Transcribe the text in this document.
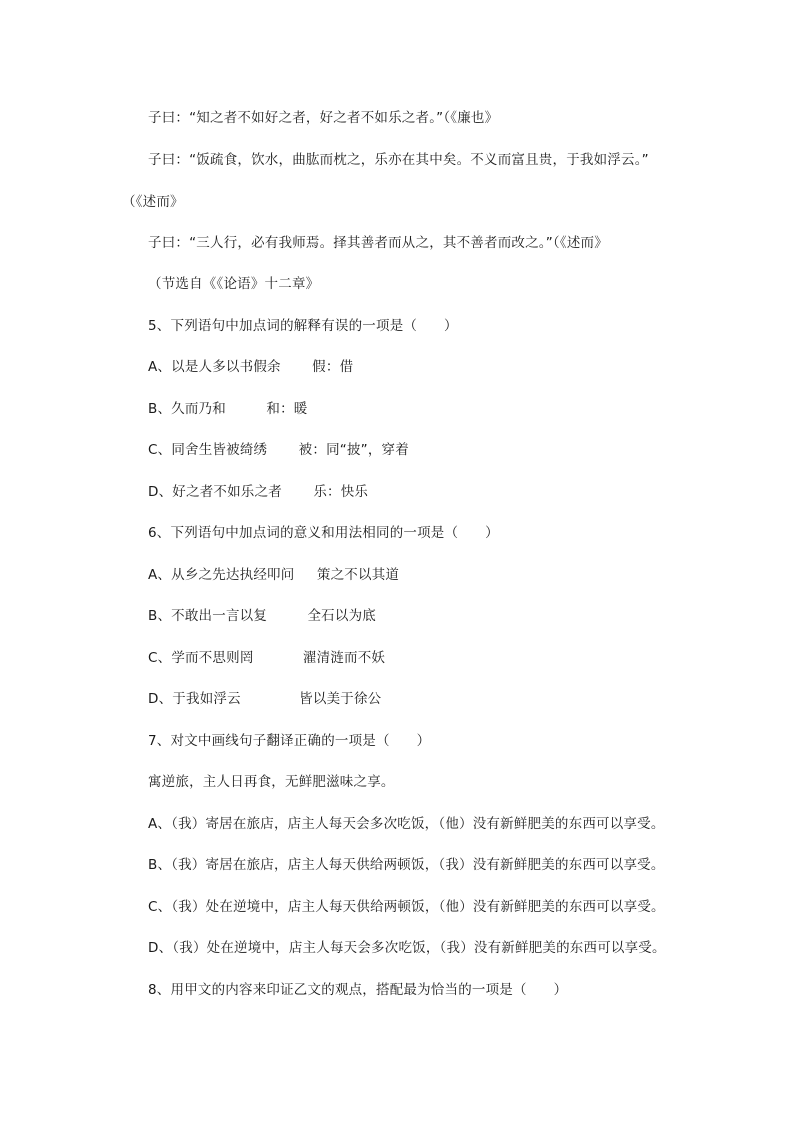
子曰：“知之者不如好之者，好之者不如乐之者。”（《廉也》
子曰：“饭疏食，饮水，曲肱而枕之，乐亦在其中矣。不义而富且贵，于我如浮云。”
（《述而》
子曰：“三人行，必有我师焉。择其善者而从之，其不善者而改之。”（《述而》
（节选自《《论语》十二章》
5、下列语句中加点词的解释有误的一项是（      ）
A、以是人多以书假余       假：借
B、久而乃和         和：暖
C、同舍生皆被绮绣       被：同“披”，穿着
D、好之者不如乐之者       乐：快乐
6、下列语句中加点词的意义和用法相同的一项是（      ）
A、从乡之先达执经叩问     策之不以其道
B、不敢出一言以复         全石以为底
C、学而不思则罔           濯清涟而不妖
D、于我如浮云             皆以美于徐公
7、对文中画线句子翻译正确的一项是（      ）
寓逆旅，主人日再食，无鲜肥滋味之享。
A、（我）寄居在旅店，店主人每天会多次吃饭，（他）没有新鲜肥美的东西可以享受。
B、（我）寄居在旅店，店主人每天供给两顿饭，（我）没有新鲜肥美的东西可以享受。
C、（我）处在逆境中，店主人每天供给两顿饭，（他）没有新鲜肥美的东西可以享受。
D、（我）处在逆境中，店主人每天会多次吃饭，（我）没有新鲜肥美的东西可以享受。
8、用甲文的内容来印证乙文的观点，搭配最为恰当的一项是（      ）
